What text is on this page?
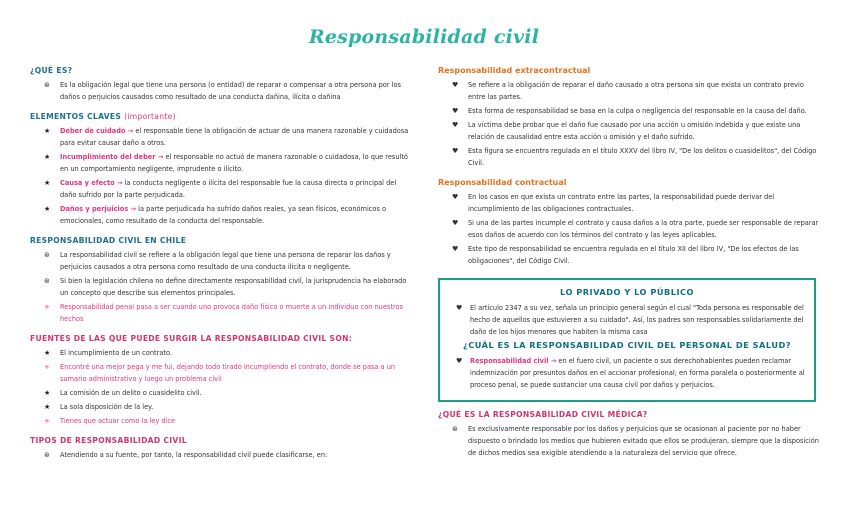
Responsabilidad civil
¿QUÉ ES?
⊛ Es la obligación legal que tiene una persona (o entidad) de reparar o compensar a otra persona por los daños o perjuicios causados como resultado de una conducta dañina, ilícita o dañina
ELEMENTOS CLAVES (importante)
★ Deber de cuidado → el responsable tiene la obligación de actuar de una manera razonable y cuidadosa para evitar causar daño a otros.
★ Incumplimiento del deber → el responsable no actuó de manera razonable o cuidadosa, lo que resultó en un comportamiento negligente, imprudente o ilícito.
★ Causa y efecto → la conducta negligente o ilícita del responsable fue la causa directa o principal del daño sufrido por la parte perjudicada.
★ Daños y perjuicios → la parte perjudicada ha sufrido daños reales, ya sean físicos, económicos o emocionales, como resultado de la conducta del responsable.
RESPONSABILIDAD CIVIL EN CHILE
⊛ La responsabilidad civil se refiere a la obligación legal que tiene una persona de reparar los daños y perjuicios causados a otra persona como resultado de una conducta ilícita o negligente.
⊛ Si bien la legislación chilena no define directamente responsabilidad civil, la jurisprudencia ha elaborado un concepto que describe sus elementos principales.
+ Responsabilidad penal pasa a ser cuando uno provoca daño físico o muerte a un individuo con nuestros hechos
FUENTES DE LAS QUE PUEDE SURGIR LA RESPONSABILIDAD CIVIL SON:
★ El incumplimiento de un contrato.
+ Encontré una mejor pega y me fui, dejando todo tirado incumpliendo el contrato, donde se pasa a un sumario administrativo y luego un problema civil
★ La comisión de un delito o cuasidelito civil.
★ La sola disposición de la ley.
+ Tienes que actuar como la ley dice
TIPOS DE RESPONSABILIDAD CIVIL
⊛ Atendiendo a su fuente, por tanto, la responsabilidad civil puede clasificarse, en:
Responsabilidad extracontractual
♥ Se refiere a la obligación de reparar el daño causado a otra persona sin que exista un contrato previo entre las partes.
♥ Esta forma de responsabilidad se basa en la culpa o negligencia del responsable en la causa del daño.
♥ La víctima debe probar que el daño fue causado por una acción u omisión indebida y que existe una relación de causalidad entre esta acción u omisión y el daño sufrido.
♥ Esta figura se encuentra regulada en el título XXXV del libro IV, "De los delitos o cuasidelitos", del Código Civil.
Responsabilidad contractual
♥ En los casos en que exista un contrato entre las partes, la responsabilidad puede derivar del incumplimiento de las obligaciones contractuales.
♥ Si una de las partes incumple el contrato y causa daños a la otra parte, puede ser responsable de reparar esos daños de acuerdo con los términos del contrato y las leyes aplicables.
♥ Este tipo de responsabilidad se encuentra regulada en el título XII del libro IV, "De los efectos de las obligaciones", del Código Civil.
LO PRIVADO Y LO PÚBLICO
♥ El artículo 2347 a su vez, señala un principio general según el cual "Toda persona es responsable del hecho de aquellos que estuvieren a su cuidado". Así, los padres son responsables solidariamente del daño de los hijos menores que habiten la misma casa
¿CUÁL ES LA RESPONSABILIDAD CIVIL DEL PERSONAL DE SALUD?
♥ Responsabilidad civil → en el fuero civil, un paciente o sus derechohabientes pueden reclamar indemnización por presuntos daños en el accionar profesional; en forma paralela o posteriormente al proceso penal, se puede sustanciar una causa civil por daños y perjuicios.
¿QUÉ ES LA RESPONSABILIDAD CIVIL MÉDICA?
⊛ Es exclusivamente responsable por los daños y perjuicios que se ocasionan al paciente por no haber dispuesto o brindado los medios que hubieren evitado que ellos se produjeran, siempre que la disposición de dichos medios sea exigible atendiendo a la naturaleza del servicio que ofrece.
